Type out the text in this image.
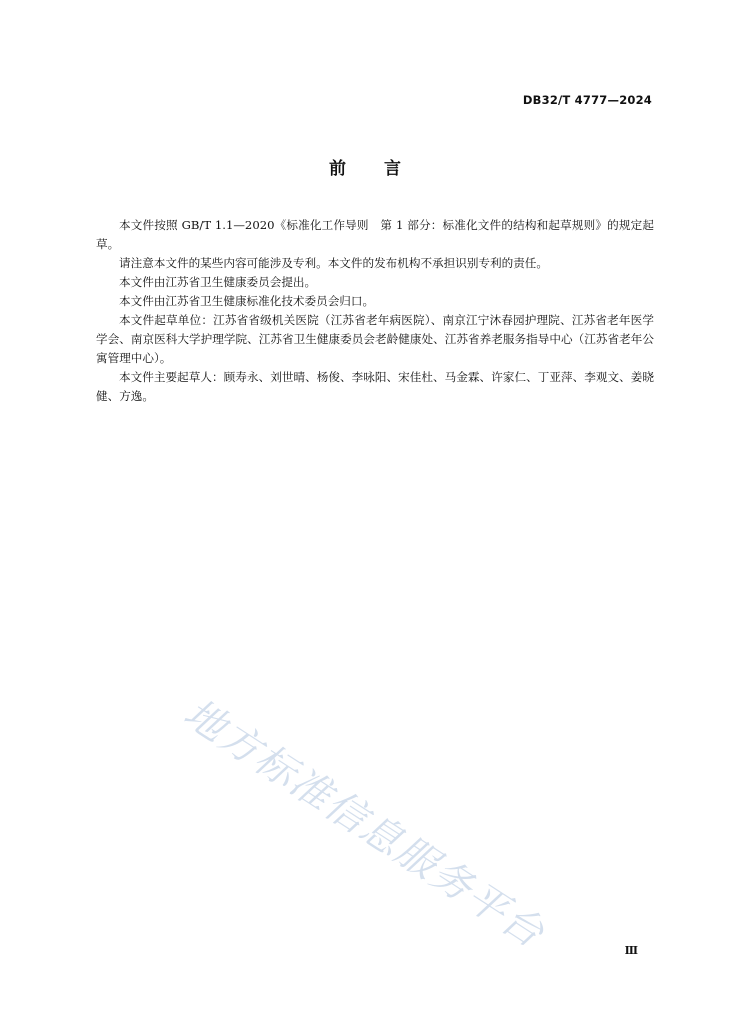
DB32/T 4777—2024
前言

本文件按照 GB/T 1.1—2020《标准化工作导则　第 1 部分：标准化文件的结构和起草规则》的规定起草。

请注意本文件的某些内容可能涉及专利。本文件的发布机构不承担识别专利的责任。

本文件由江苏省卫生健康委员会提出。

本文件由江苏省卫生健康标准化技术委员会归口。

本文件起草单位：江苏省省级机关医院（江苏省老年病医院）、南京江宁沐春园护理院、江苏省老年医学学会、南京医科大学护理学院、江苏省卫生健康委员会老龄健康处、江苏省养老服务指导中心（江苏省老年公寓管理中心）。

本文件主要起草人：顾寿永、刘世晴、杨俊、李咏阳、宋佳杜、马金霖、许家仁、丁亚萍、李观文、姜晓健、方逸。

地方标准信息服务平台	Ⅲ
